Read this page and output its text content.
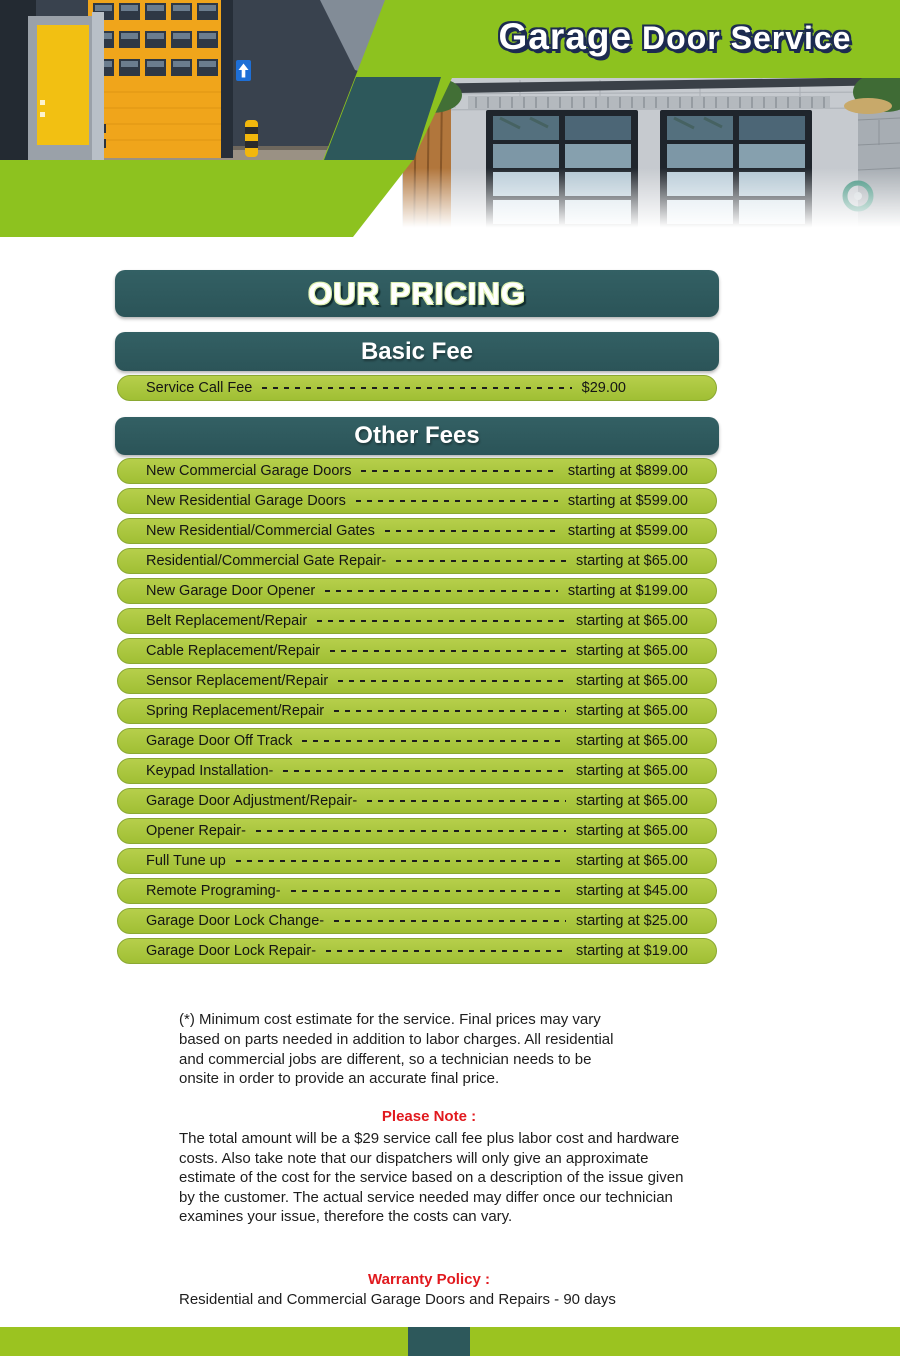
Garage Door Service
OUR PRICING
Basic Fee
Service Call Fee	$29.00
Other Fees
New Commercial Garage Doors	starting at $899.00
New Residential Garage Doors	starting at $599.00
New Residential/Commercial Gates	starting at $599.00
Residential/Commercial Gate Repair-	starting at $65.00
New Garage Door Opener	starting at $199.00
Belt Replacement/Repair	starting at $65.00
Cable Replacement/Repair	starting at $65.00
Sensor Replacement/Repair	starting at $65.00
Spring Replacement/Repair	starting at $65.00
Garage Door Off Track	starting at $65.00
Keypad Installation-	starting at $65.00
Garage Door Adjustment/Repair-	starting at $65.00
Opener Repair-	starting at $65.00
Full Tune up	starting at $65.00
Remote Programing-	starting at $45.00
Garage Door Lock Change-	starting at $25.00
Garage Door Lock Repair-	starting at $19.00

(*) Minimum cost estimate for the service. Final prices may vary based on parts needed in addition to labor charges. All residential and commercial jobs are different, so a technician needs to be onsite in order to provide an accurate final price.

Please Note :

The total amount will be a $29 service call fee plus labor cost and hardware costs. Also take note that our dispatchers will only give an approximate estimate of the cost for the service based on a description of the issue given by the customer. The actual service needed may differ once our technician examines your issue, therefore the costs can vary.

Warranty Policy :

Residential and Commercial Garage Doors and Repairs - 90 days
